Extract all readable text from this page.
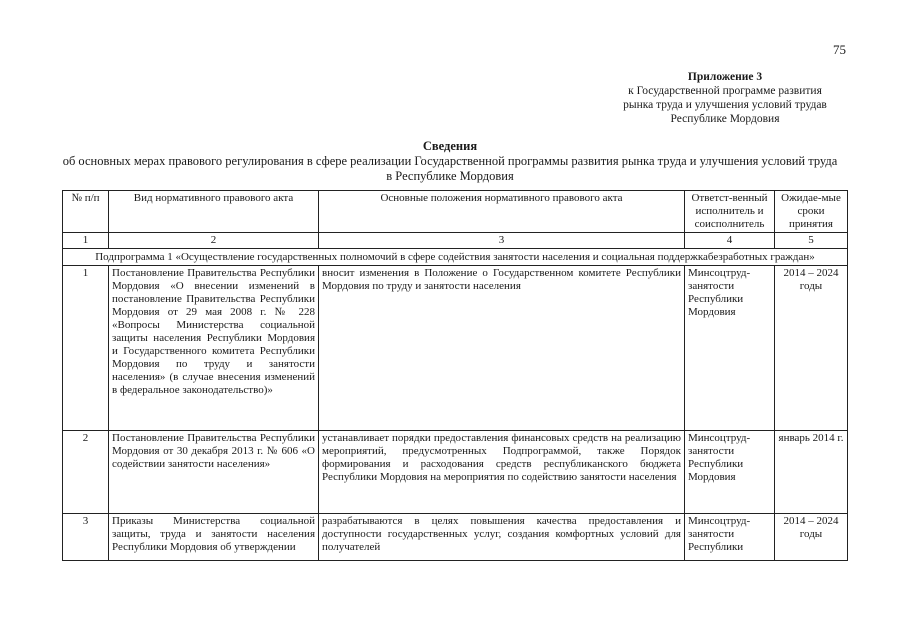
75
Приложение 3
к Государственной программе развития
рынка труда и улучшения условий трудав
Республике Мордовия
Сведения
об основных мерах правового регулирования в сфере реализации Государственной программы развития рынка труда и улучшения условий труда в Республике Мордовия
№ п/п	Вид нормативного правового акта	Основные положения нормативного правового акта	Ответст-венный исполнитель и соисполнитель	Ожидае-мые сроки принятия
1	2	3	4	5
Подпрограмма 1 «Осуществление государственных полномочий в сфере содействия занятости населения и социальная поддержкабезработных граждан»				
1	Постановление Правительства Республики Мордовия «О внесении изменений в постановление Правительства Республики Мордовия от 29 мая 2008 г. № 228 «Вопросы Министерства социальной защиты населения Республики Мордовия и Государственного комитета Республики Мордовия по труду и занятости населения» (в случае внесения изменений в федеральное законодательство)»	вносит изменения в Положение о Государственном комитете Республики Мордовия по труду и занятости населения	Минсоцтруд-занятости Республики Мордовия	2014 – 2024 годы
2	Постановление Правительства Республики Мордовия от 30 декабря 2013 г. № 606 «О содействии занятости населения»	устанавливает порядки предоставления финансовых средств на реализацию мероприятий, предусмотренных Подпрограммой, также Порядок формирования и расходования средств республиканского бюджета Республики Мордовия на мероприятия по содействию занятости населения	Минсоцтруд-занятости Республики Мордовия	январь 2014 г.
3	Приказы Министерства социальной защиты, труда и занятости населения Республики Мордовия об утверждении	разрабатываются в целях повышения качества предоставления и доступности государственных услуг, создания комфортных условий для получателей	Минсоцтруд-занятости Республики	2014 – 2024 годы
